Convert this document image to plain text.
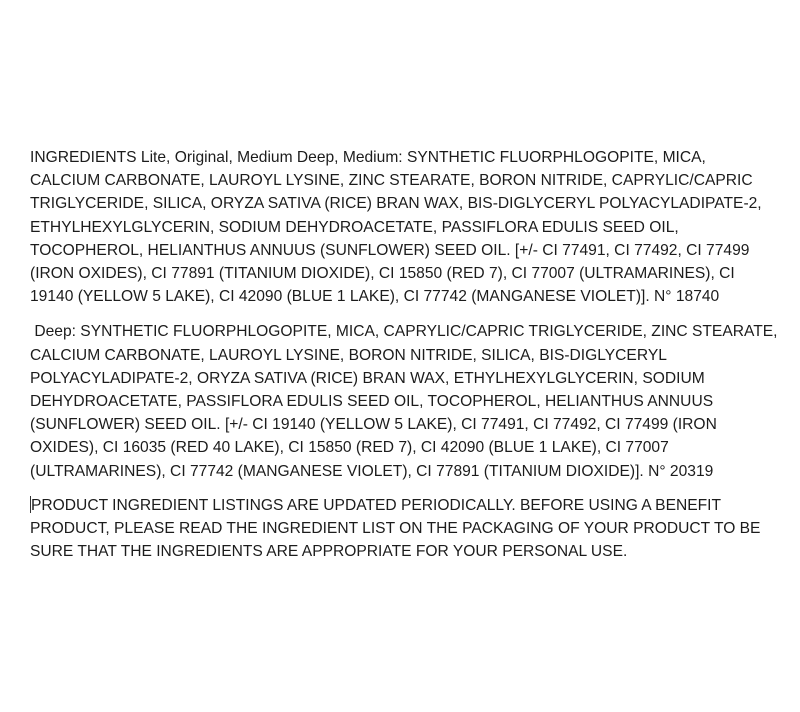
INGREDIENTS Lite, Original, Medium Deep, Medium: SYNTHETIC FLUORPHLOGOPITE, MICA, CALCIUM CARBONATE, LAUROYL LYSINE, ZINC STEARATE, BORON NITRIDE, CAPRYLIC/CAPRIC TRIGLYCERIDE, SILICA, ORYZA SATIVA (RICE) BRAN WAX, BIS-DIGLYCERYL POLYACYLADIPATE-2, ETHYLHEXYLGLYCERIN, SODIUM DEHYDROACETATE, PASSIFLORA EDULIS SEED OIL, TOCOPHEROL, HELIANTHUS ANNUUS (SUNFLOWER) SEED OIL. [+/- CI 77491, CI 77492, CI 77499 (IRON OXIDES), CI 77891 (TITANIUM DIOXIDE), CI 15850 (RED 7), CI 77007 (ULTRAMARINES), CI 19140 (YELLOW 5 LAKE), CI 42090 (BLUE 1 LAKE), CI 77742 (MANGANESE VIOLET)]. N° 18740

Deep: SYNTHETIC FLUORPHLOGOPITE, MICA, CAPRYLIC/CAPRIC TRIGLYCERIDE, ZINC STEARATE, CALCIUM CARBONATE, LAUROYL LYSINE, BORON NITRIDE, SILICA, BIS-DIGLYCERYL POLYACYLADIPATE-2, ORYZA SATIVA (RICE) BRAN WAX, ETHYLHEXYLGLYCERIN, SODIUM DEHYDROACETATE, PASSIFLORA EDULIS SEED OIL, TOCOPHEROL, HELIANTHUS ANNUUS (SUNFLOWER) SEED OIL. [+/- CI 19140 (YELLOW 5 LAKE), CI 77491, CI 77492, CI 77499 (IRON OXIDES), CI 16035 (RED 40 LAKE), CI 15850 (RED 7), CI 42090 (BLUE 1 LAKE), CI 77007 (ULTRAMARINES), CI 77742 (MANGANESE VIOLET), CI 77891 (TITANIUM DIOXIDE)]. N° 20319

PRODUCT INGREDIENT LISTINGS ARE UPDATED PERIODICALLY. BEFORE USING A BENEFIT PRODUCT, PLEASE READ THE INGREDIENT LIST ON THE PACKAGING OF YOUR PRODUCT TO BE SURE THAT THE INGREDIENTS ARE APPROPRIATE FOR YOUR PERSONAL USE.
